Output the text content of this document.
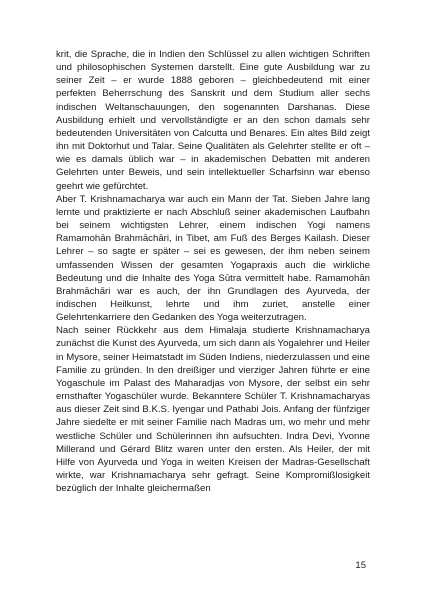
krit, die Sprache, die in Indien den Schlüssel zu allen wichtigen Schriften und philosophischen Systemen darstellt. Eine gute Ausbildung war zu seiner Zeit – er wurde 1888 geboren – gleichbedeutend mit einer perfekten Beherrschung des Sanskrit und dem Studium aller sechs indischen Weltanschauungen, den sogenannten Darshanas. Diese Ausbildung erhielt und vervollständigte er an den schon damals sehr bedeutenden Universitäten von Calcutta und Benares. Ein altes Bild zeigt ihn mit Doktorhut und Talar. Seine Qualitäten als Gelehrter stellte er oft – wie es damals üblich war – in akademischen Debatten mit anderen Gelehrten unter Beweis, und sein intellektueller Scharfsinn war ebenso geehrt wie gefürchtet.

Aber T. Krishnamacharya war auch ein Mann der Tat. Sieben Jahre lang lernte und praktizierte er nach Abschluß seiner akademischen Laufbahn bei seinem wichtigsten Lehrer, einem indischen Yogi namens Ramamohān Brahmāchāri, in Tibet, am Fuß des Berges Kailash. Dieser Lehrer – so sagte er später – sei es gewesen, der ihm neben seinem umfassenden Wissen der gesamten Yogapraxis auch die wirkliche Bedeutung und die Inhalte des Yoga Sūtra vermittelt habe. Ramamohān Brahmāchāri war es auch, der ihn Grundlagen des Ayurveda, der indischen Heilkunst, lehrte und ihm zuriet, anstelle einer Gelehrtenkarriere den Gedanken des Yoga weiterzutragen.

Nach seiner Rückkehr aus dem Himalaja studierte Krishnamacharya zunächst die Kunst des Ayurveda, um sich dann als Yogalehrer und Heiler in Mysore, seiner Heimatstadt im Süden Indiens, niederzulassen und eine Familie zu gründen. In den dreißiger und vierziger Jahren führte er eine Yogaschule im Palast des Maharadjas von Mysore, der selbst ein sehr ernsthafter Yogaschüler wurde. Bekanntere Schüler T. Krishnamacharyas aus dieser Zeit sind B.K.S. Iyengar und Pathabi Jois. Anfang der fünfziger Jahre siedelte er mit seiner Familie nach Madras um, wo mehr und mehr westliche Schüler und Schülerinnen ihn aufsuchten. Indra Devi, Yvonne Millerand und Gérard Blitz waren unter den ersten. Als Heiler, der mit Hilfe von Ayurveda und Yoga in weiten Kreisen der Madras-Gesellschaft wirkte, war Krishnamacharya sehr gefragt. Seine Kompromißlosigkeit bezüglich der Inhalte gleichermaßen

15
